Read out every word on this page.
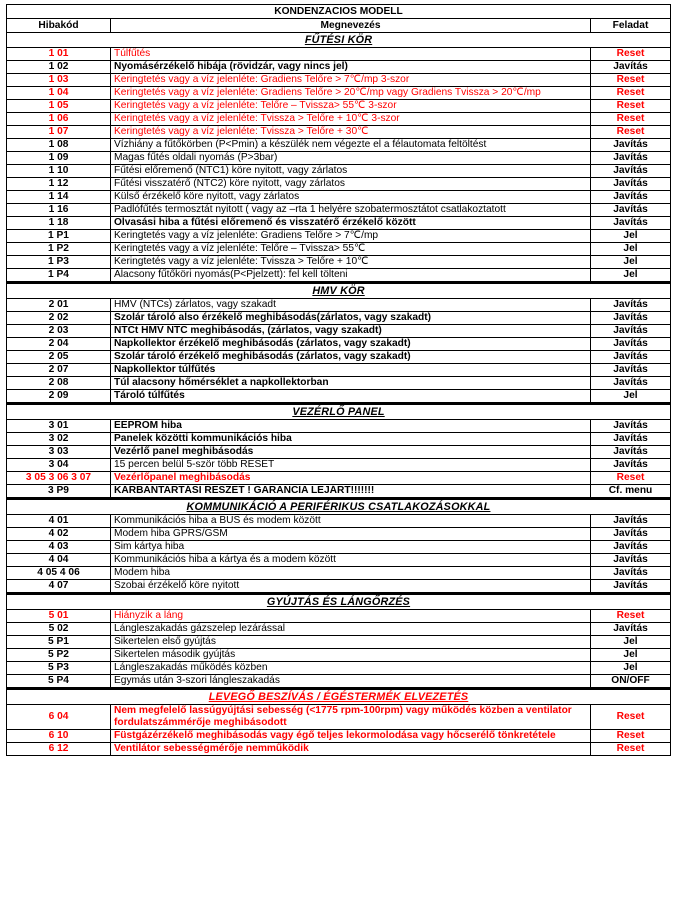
KONDENZACIOS MODELL		
Hibakód	Megnevezés	Feladat
FŰTÉSI KÖR		
1 01	Túlfűtés	Reset
1 02	Nyomásérzékelő hibája (rövidzár, vagy nincs jel)	Javítás
1 03	Keringtetés vagy a víz jelenléte: Gradiens Telőre > 7℃/mp 3-szor	Reset
1 04	Keringtetés vagy a víz jelenléte: Gradiens Telőre > 20℃/mp vagy Gradiens Tvissza > 20℃/mp	Reset
1 05	Keringtetés vagy a víz jelenléte: Telőre – Tvissza> 55℃ 3-szor	Reset
1 06	Keringtetés vagy a víz jelenléte: Tvissza > Telőre + 10℃ 3-szor	Reset
1 07	Keringtetés vagy a víz jelenléte: Tvissza > Telőre + 30℃	Reset
1 08	Vízhiány a fűtőkörben (P<Pmin) a készülék nem végezte el a félautomata feltöltést	Javítás
1 09	Magas fűtés oldali nyomás (P>3bar)	Javítás
1 10	Fűtési előremenő (NTC1) köre nyitott, vagy zárlatos	Javítás
1 12	Fűtési visszatérő (NTC2) köre nyitott, vagy zárlatos	Javítás
1 14	Külső érzékelő köre nyitott, vagy zárlatos	Javítás
1 16	Padlófűtés termosztát nyitott ( vagy az –rta 1 helyére szobatermosztátot csatlakoztatott	Javítás
1 18	Olvasási hiba a fűtési előremenő és visszatérő érzékelő között	Javítás
1 P1	Keringtetés vagy a víz jelenléte: Gradiens Telőre > 7℃/mp	Jel
1 P2	Keringtetés vagy a víz jelenléte: Telőre – Tvissza> 55℃	Jel
1 P3	Keringtetés vagy a víz jelenléte: Tvissza > Telőre + 10℃	Jel
1 P4	Alacsony fűtőköri nyomás(P<Pjelzett): fel kell tölteni	Jel
HMV KÖR		
2 01	HMV (NTCs) zárlatos, vagy szakadt	Javítás
2 02	Szolár tároló also érzékelő meghibásodás(zárlatos, vagy szakadt)	Javítás
2 03	NTCt HMV NTC meghibásodás, (zárlatos, vagy szakadt)	Javítás
2 04	Napkollektor érzékelő meghibásodás (zárlatos, vagy szakadt)	Javítás
2 05	Szolár tároló érzékelő meghibásodás (zárlatos, vagy szakadt)	Javítás
2 07	Napkollektor túlfűtés	Javítás
2 08	Túl alacsony hőmérséklet a napkollektorban	Javítás
2 09	Tároló túlfűtés	Jel
VEZÉRLŐ PANEL		
3 01	EEPROM hiba	Javítás
3 02	Panelek közötti kommunikációs hiba	Javítás
3 03	Vezérlő panel meghibásodás	Javítás
3 04	15 percen belül 5-ször több RESET	Javítás
3 05 3 06 3 07	Vezérlőpanel meghibásodás	Reset
3 P9	KARBANTARTÁSI RESZET ! GARANCIA LEJÁRT!!!!!!!	Cf. menu
KOMMUNIKÁCIÓ A PERIFÉRIKUS CSATLAKOZÁSOKKAL		
4 01	Kommunikációs hiba a BUS és modem között	Javítás
4 02	Modem hiba GPRS/GSM	Javítás
4 03	Sim kártya hiba	Javítás
4 04	Kommunikációs hiba a kártya és a modem között	Javítás
4 05 4 06	Modem hiba	Javítás
4 07	Szobai érzékelő köre nyitott	Javítás
GYÚJTÁS ÉS LÁNGŐRZÉS		
5 01	Hiányzik a láng	Reset
5 02	Lángleszakadás gázszelep lezárással	Javítás
5 P1	Sikertelen első gyújtás	Jel
5 P2	Sikertelen második gyújtás	Jel
5 P3	Lángleszakadás működés közben	Jel
5 P4	Egymás után 3-szori lángleszakadás	ON/OFF
LEVEGŐ BESZÍVÁS / ÉGÉSTERMÉK ELVEZETÉS		
6 04	Nem megfelelő lassúgyújtási sebesség (<1775 rpm-100rpm) vagy működés közben a ventilator fordulatszámmérője meghibásodott	Reset
6 10	Füstgázérzékelő meghibásodás vagy égő teljes lekormolodása vagy hőcserélő tönkretétele	Reset
6 12	Ventilátor sebességmérője nemműködik	Reset
